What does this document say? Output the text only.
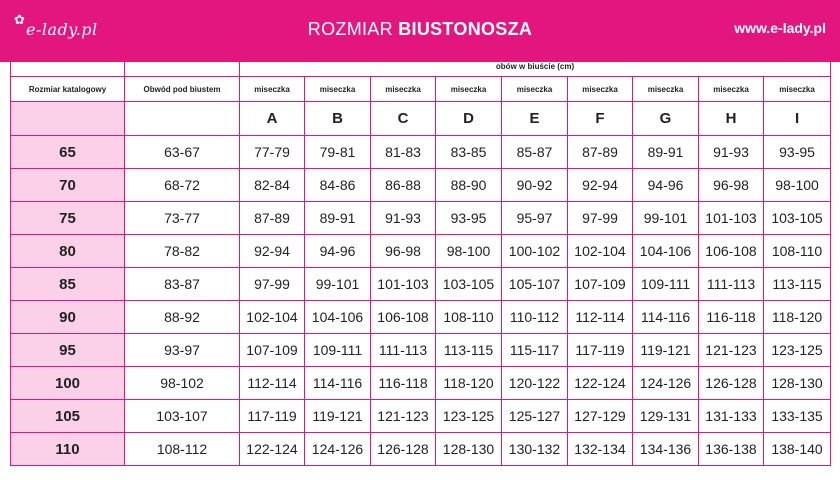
✿
e-lady.pl	ROZMIAR BIUSTONOSZA	www.e-lady.pl
		obów w biuście (cm)								
Rozmiar katalogowy	Obwód pod biustem	miseczka	miseczka	miseczka	miseczka	miseczka	miseczka	miseczka	miseczka	miseczka
		A	B	C	D	E	F	G	H	I
65	63-67	77-79	79-81	81-83	83-85	85-87	87-89	89-91	91-93	93-95
70	68-72	82-84	84-86	86-88	88-90	90-92	92-94	94-96	96-98	98-100
75	73-77	87-89	89-91	91-93	93-95	95-97	97-99	99-101	101-103	103-105
80	78-82	92-94	94-96	96-98	98-100	100-102	102-104	104-106	106-108	108-110
85	83-87	97-99	99-101	101-103	103-105	105-107	107-109	109-111	111-113	113-115
90	88-92	102-104	104-106	106-108	108-110	110-112	112-114	114-116	116-118	118-120
95	93-97	107-109	109-111	111-113	113-115	115-117	117-119	119-121	121-123	123-125
100	98-102	112-114	114-116	116-118	118-120	120-122	122-124	124-126	126-128	128-130
105	103-107	117-119	119-121	121-123	123-125	125-127	127-129	129-131	131-133	133-135
110	108-112	122-124	124-126	126-128	128-130	130-132	132-134	134-136	136-138	138-140
